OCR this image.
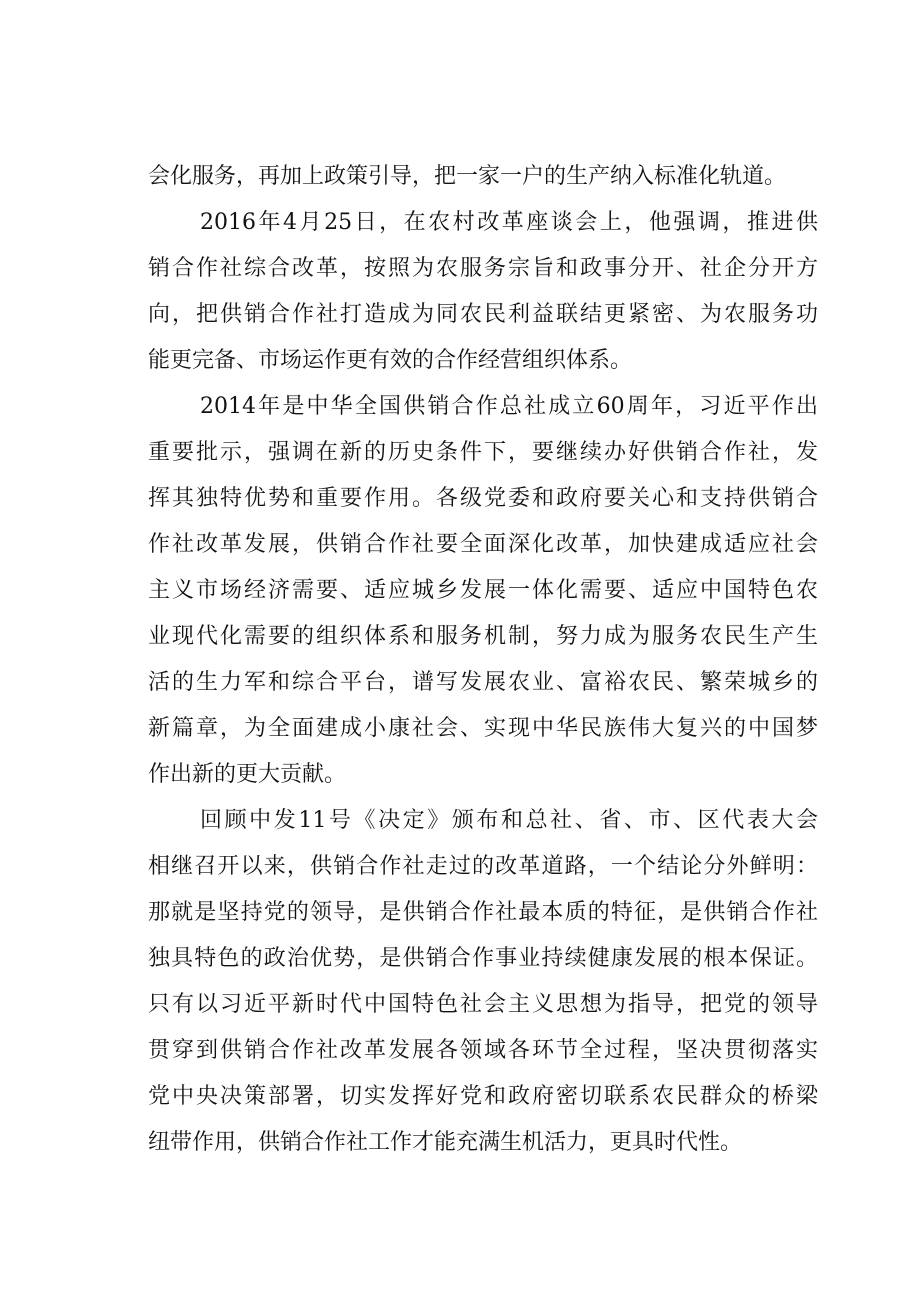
会化服务，再加上政策引导，把一家一户的生产纳入标准化轨道。
2016年4月25日，在农村改革座谈会上，他强调，推进供
销合作社综合改革，按照为农服务宗旨和政事分开、社企分开方
向，把供销合作社打造成为同农民利益联结更紧密、为农服务功
能更完备、市场运作更有效的合作经营组织体系。
2014年是中华全国供销合作总社成立60周年，习近平作出
重要批示，强调在新的历史条件下，要继续办好供销合作社，发
挥其独特优势和重要作用。各级党委和政府要关心和支持供销合
作社改革发展，供销合作社要全面深化改革，加快建成适应社会
主义市场经济需要、适应城乡发展一体化需要、适应中国特色农
业现代化需要的组织体系和服务机制，努力成为服务农民生产生
活的生力军和综合平台，谱写发展农业、富裕农民、繁荣城乡的
新篇章，为全面建成小康社会、实现中华民族伟大复兴的中国梦
作出新的更大贡献。
回顾中发11号《决定》颁布和总社、省、市、区代表大会
相继召开以来，供销合作社走过的改革道路，一个结论分外鲜明：
那就是坚持党的领导，是供销合作社最本质的特征，是供销合作社
独具特色的政治优势，是供销合作事业持续健康发展的根本保证。
只有以习近平新时代中国特色社会主义思想为指导，把党的领导
贯穿到供销合作社改革发展各领域各环节全过程，坚决贯彻落实
党中央决策部署，切实发挥好党和政府密切联系农民群众的桥梁
纽带作用，供销合作社工作才能充满生机活力，更具时代性。
